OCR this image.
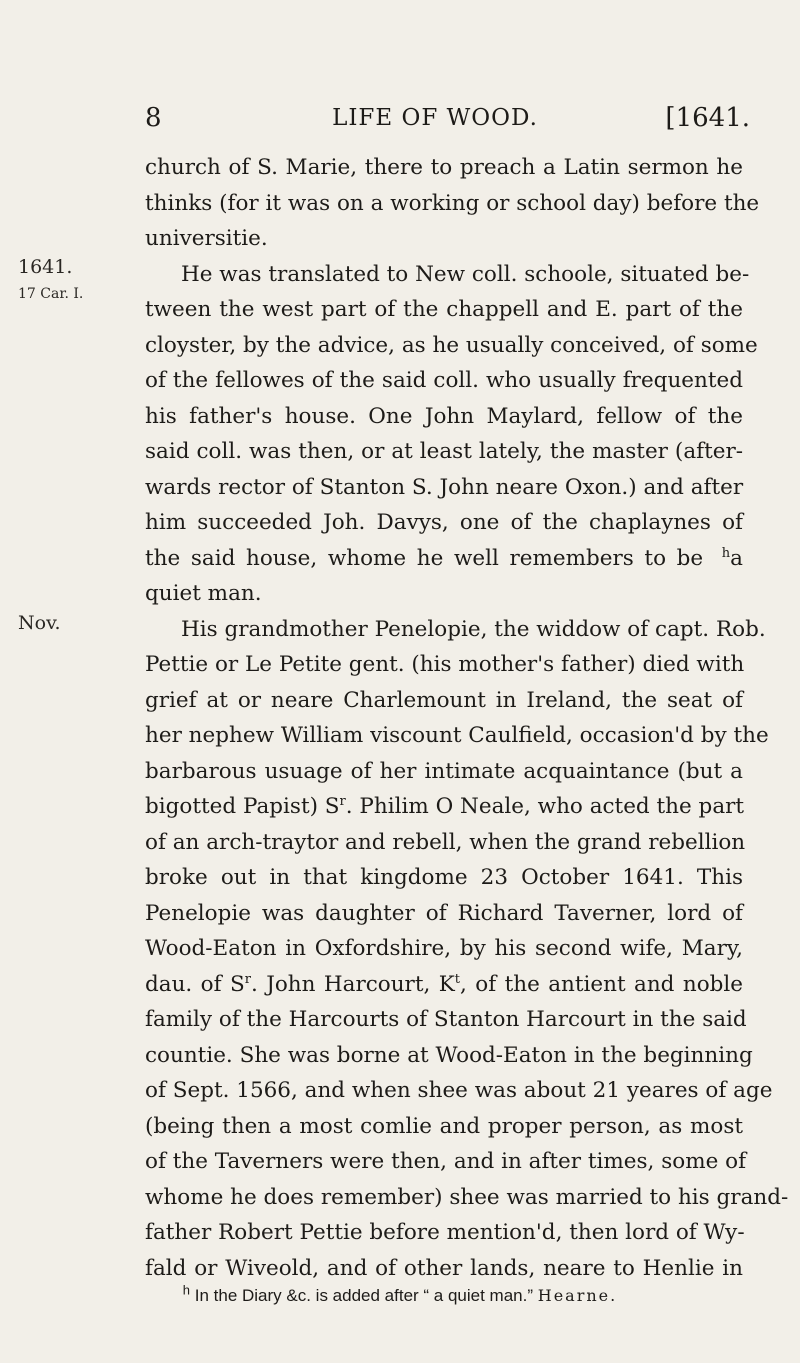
8	LIFE OF WOOD.	[1641.
1641.
17 Car. I.
Nov.
church of S. Marie, there to preach a Latin sermon he
thinks (for it was on a working or school day) before the
universitie.
He was translated to New coll. schoole, situated be-
tween the west part of the chappell and E. part of the
cloyster, by the advice, as he usually conceived, of some
of the fellowes of the said coll. who usually frequented
his father's house. One John Maylard, fellow of the
said coll. was then, or at least lately, the master (after-
wards rector of Stanton S. John neare Oxon.) and after
him succeeded Joh. Davys, one of the chaplaynes of
the said house, whome he well remembers to be $^h$a
quiet man.
His grandmother Penelopie, the widdow of capt. Rob.
Pettie or Le Petite gent. (his mother's father) died with
grief at or neare Charlemount in Ireland, the seat of
her nephew William viscount Caulfield, occasion'd by the
barbarous usuage of her intimate acquaintance (but a
bigotted Papist) $S^r$. Philim O Neale, who acted the part
of an arch-traytor and rebell, when the grand rebellion
broke out in that kingdome 23 October 1641. This
Penelopie was daughter of Richard Taverner, lord of
Wood-Eaton in Oxfordshire, by his second wife, Mary,
dau. of $S^r$. John Harcourt, $K^t$, of the antient and noble
family of the Harcourts of Stanton Harcourt in the said
countie. She was borne at Wood-Eaton in the beginning
of Sept. 1566, and when shee was about 21 yeares of age
(being then a most comlie and proper person, as most
of the Taverners were then, and in after times, some of
whome he does remember) shee was married to his grand-
father Robert Pettie before mention'd, then lord of Wy-
fald or Wiveold, and of other lands, neare to Henlie in
$^h$ In the Diary &c. is added after “ a quiet man.” Hearne.
